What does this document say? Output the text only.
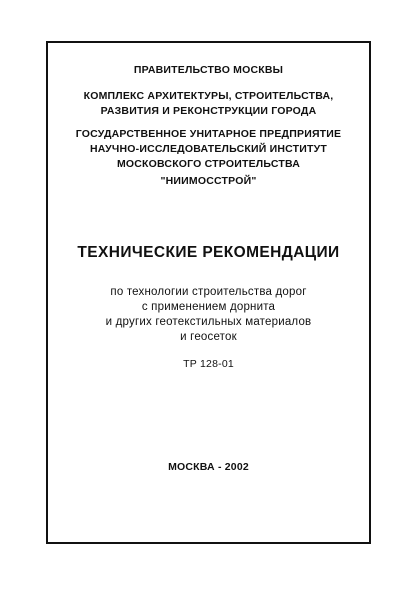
ПРАВИТЕЛЬСТВО МОСКВЫ
КОМПЛЕКС АРХИТЕКТУРЫ, СТРОИТЕЛЬСТВА,
РАЗВИТИЯ И РЕКОНСТРУКЦИИ ГОРОДА
ГОСУДАРСТВЕННОЕ УНИТАРНОЕ ПРЕДПРИЯТИЕ
НАУЧНО-ИССЛЕДОВАТЕЛЬСКИЙ ИНСТИТУТ
МОСКОВСКОГО СТРОИТЕЛЬСТВА
"НИИМОССТРОЙ"
ТЕХНИЧЕСКИЕ РЕКОМЕНДАЦИИ
по технологии строительства дорог
с применением дорнита
и других геотекстильных материалов
и геосеток
ТР 128-01
МОСКВА - 2002
